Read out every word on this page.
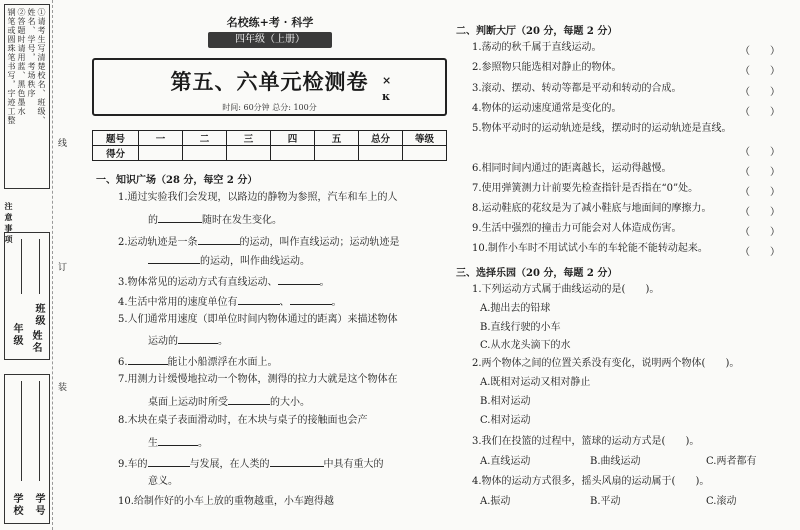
①请考生写清楚校名、班级、
姓名、学号，考场秩序
②答题时请用蓝、黑色墨水
钢笔或圆珠笔书写，字迹工整
注意事项
年级
班级
姓名
学校 学号
线
订
装
名校练+考 · 科学
四年级（上册）
第五、六单元检测卷
时间: 60分钟 总分: 100分
×
ĸ
题号	一	二	三	四	五	总分	等级
得分							
一、知识广场（28 分，每空 2 分）
1.通过实验我们会发现，以路边的静物为参照，汽车和车上的人
的	随时在发生变化。
2.运动轨迹是一条	的运动，叫作直线运动；运动轨迹是
的运动，叫作曲线运动。
3.物体常见的运动方式有直线运动、	。
4.生活中常用的速度单位有	、	。
5.人们通常用速度（即单位时间内物体通过的距离）来描述物体
运动的	。
6.	能让小船漂浮在水面上。
7.用测力计缓慢地拉动一个物体，测得的拉力大就是这个物体在
桌面上运动时所受	的大小。
8.木块在桌子表面滑动时，在木块与桌子的接触面也会产
生	。
9.车的	与发展，在人类的	中具有重大的
意义。
10.给制作好的小车上放的重物越重，小车跑得越
二、判断大厅（20 分，每题 2 分）
1.荡动的秋千属于直线运动。	（　　）
2.参照物只能选相对静止的物体。	（　　）
3.滚动、摆动、转动等都是平动和转动的合成。	（　　）
4.物体的运动速度通常是变化的。	（　　）
5.物体平动时的运动轨迹是线，摆动时的运动轨迹是直线。
（　　）
6.相同时间内通过的距离越长，运动得越慢。	（　　）
7.使用弹簧测力计前要先检查指针是否指在“0”处。	（　　）
8.运动鞋底的花纹是为了减小鞋底与地面间的摩擦力。	（　　）
9.生活中强烈的撞击力可能会对人体造成伤害。	（　　）
10.制作小车时不用试试小车的车轮能不能转动起来。	（　　）
三、选择乐园（20 分，每题 2 分）
1.下列运动方式属于曲线运动的是(　　)。
A.抛出去的铅球
B.直线行驶的小车
C.从水龙头滴下的水
2.两个物体之间的位置关系没有变化，说明两个物体(　　)。
A.既相对运动又相对静止
B.相对运动
C.相对运动
3.我们在投篮的过程中，篮球的运动方式是(　　)。
A.直线运动	B.曲线运动	C.两者都有
4.物体的运动方式很多，摇头风扇的运动属于(　　)。
A.振动	B.平动	C.滚动
